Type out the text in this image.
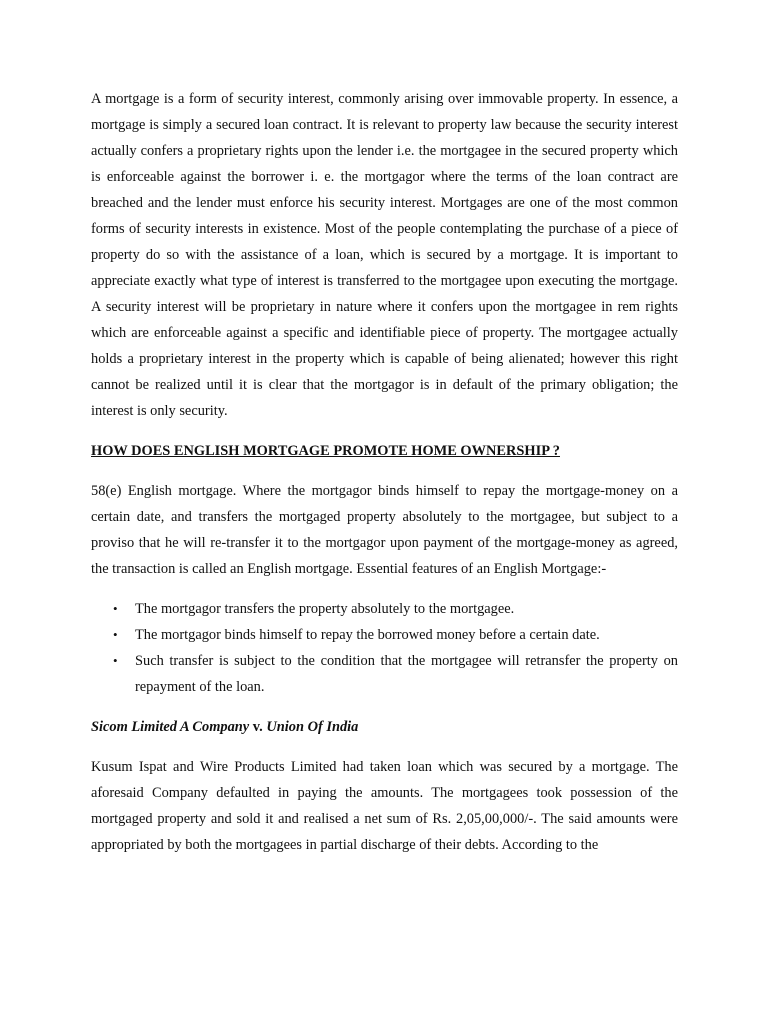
A mortgage is a form of security interest, commonly arising over immovable property. In essence, a mortgage is simply a secured loan contract. It is relevant to property law because the security interest actually confers a proprietary rights upon the lender i.e. the mortgagee in the secured property which is enforceable against the borrower i. e. the mortgagor where the terms of the loan contract are breached and the lender must enforce his security interest. Mortgages are one of the most common forms of security interests in existence. Most of the people contemplating the purchase of a piece of property do so with the assistance of a loan, which is secured by a mortgage. It is important to appreciate exactly what type of interest is transferred to the mortgagee upon executing the mortgage. A security interest will be proprietary in nature where it confers upon the mortgagee in rem rights which are enforceable against a specific and identifiable piece of property. The mortgagee actually holds a proprietary interest in the property which is capable of being alienated; however this right cannot be realized until it is clear that the mortgagor is in default of the primary obligation; the interest is only security.

HOW DOES ENGLISH MORTGAGE PROMOTE HOME OWNERSHIP ?

58(e) English mortgage. Where the mortgagor binds himself to repay the mortgage-money on a certain date, and transfers the mortgaged property absolutely to the mortgagee, but subject to a proviso that he will re-transfer it to the mortgagor upon payment of the mortgage-money as agreed, the transaction is called an English mortgage. Essential features of an English Mortgage:-

• The mortgagor transfers the property absolutely to the mortgagee.
• The mortgagor binds himself to repay the borrowed money before a certain date.
• Such transfer is subject to the condition that the mortgagee will retransfer the property on repayment of the loan.

Sicom Limited A Company v. Union Of India

Kusum Ispat and Wire Products Limited had taken loan which was secured by a mortgage. The aforesaid Company defaulted in paying the amounts. The mortgagees took possession of the mortgaged property and sold it and realised a net sum of Rs. 2,05,00,000/-. The said amounts were appropriated by both the mortgagees in partial discharge of their debts. According to the
